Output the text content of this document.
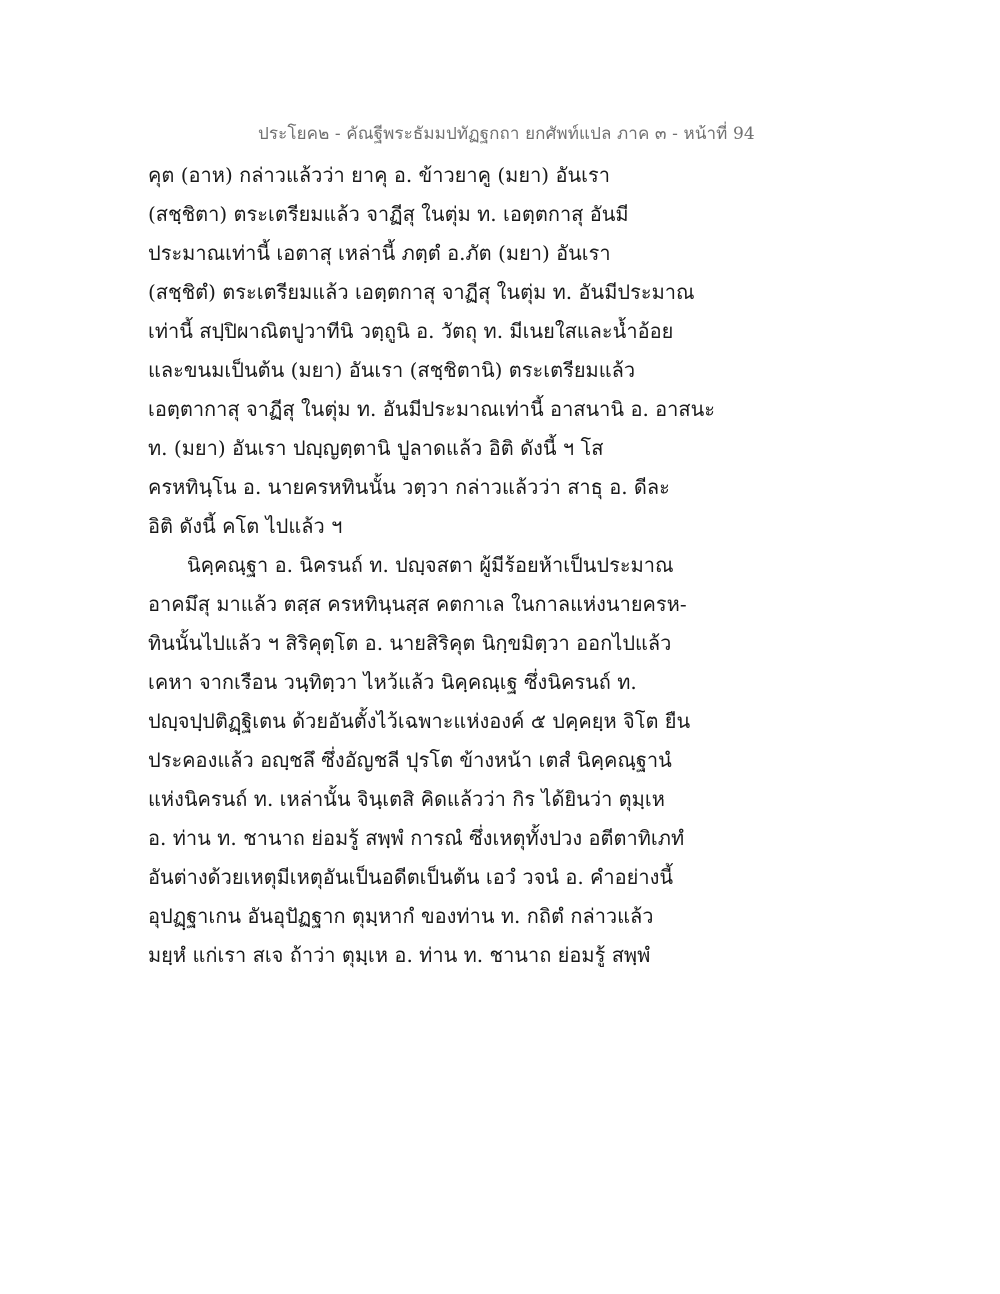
ประโยค๒ - คัณฐีพระธัมมปทัฏฐกถา ยกศัพท์แปล ภาค ๓ - หน้าที่ 94
คุต (อาห) กล่าวแล้วว่า ยาคุ อ. ข้าวยาคู (มยา) อันเรา
(สชฺชิตา) ตระเตรียมแล้ว จาฏีสุ ในตุ่ม ท. เอตฺตกาสุ อันมี
ประมาณเท่านี้ เอตาสุ เหล่านี้ ภตฺตํ อ.ภัต (มยา) อันเรา
(สชฺชิตํ) ตระเตรียมแล้ว เอตฺตกาสุ จาฏีสุ ในตุ่ม ท. อันมีประมาณ
เท่านี้ สปฺปิผาณิตปูวาทีนิ วตฺถูนิ อ. วัตถุ ท. มีเนยใสและน้ำอ้อย
และขนมเป็นต้น (มยา) อันเรา (สชฺชิตานิ) ตระเตรียมแล้ว
เอตฺตากาสุ จาฏีสุ ในตุ่ม ท. อันมีประมาณเท่านี้ อาสนานิ อ. อาสนะ
ท. (มยา) อันเรา ปญฺญตฺตานิ ปูลาดแล้ว อิติ ดังนี้ ฯ โส
ครหทินฺโน อ. นายครหทินนั้น วตฺวา กล่าวแล้วว่า สาธุ อ. ดีละ
อิติ ดังนี้ คโต ไปแล้ว ฯ
นิคฺคณฺฐา อ. นิครนถ์ ท. ปญฺจสตา ผู้มีร้อยห้าเป็นประมาณ
อาคมึสุ มาแล้ว ตสฺส ครหทินฺนสฺส คตกาเล ในกาลแห่งนายครห-
ทินนั้นไปแล้ว ฯ สิริคุตฺโต อ. นายสิริคุต นิกฺขมิตฺวา ออกไปแล้ว
เคหา จากเรือน วนฺทิตฺวา ไหว้แล้ว นิคฺคณฺเฐ ซึ่งนิครนถ์ ท.
ปญฺจปฺปติฏฺฐิเตน ด้วยอันตั้งไว้เฉพาะแห่งองค์ ๕ ปคฺคยฺห จิโต ยืน
ประคองแล้ว อญฺชลึ ซึ่งอัญชลี ปุรโต ข้างหน้า เตสํ นิคฺคณฺฐานํ
แห่งนิครนถ์ ท. เหล่านั้น จินฺเตสิ คิดแล้วว่า กิร ได้ยินว่า ตุมฺเห
อ. ท่าน ท. ชานาถ ย่อมรู้ สพฺพํ การณํ ซึ่งเหตุทั้งปวง อตีตาทิเภทํ
อันต่างด้วยเหตุมีเหตุอันเป็นอดีตเป็นต้น เอวํ วจนํ อ. คำอย่างนี้
อุปฏฺฐาเกน อันอุปัฏฐาก ตุมฺหากํ ของท่าน ท. กถิตํ กล่าวแล้ว
มยฺหํ แก่เรา สเจ ถ้าว่า ตุมฺเห อ. ท่าน ท. ชานาถ ย่อมรู้ สพฺพํ
